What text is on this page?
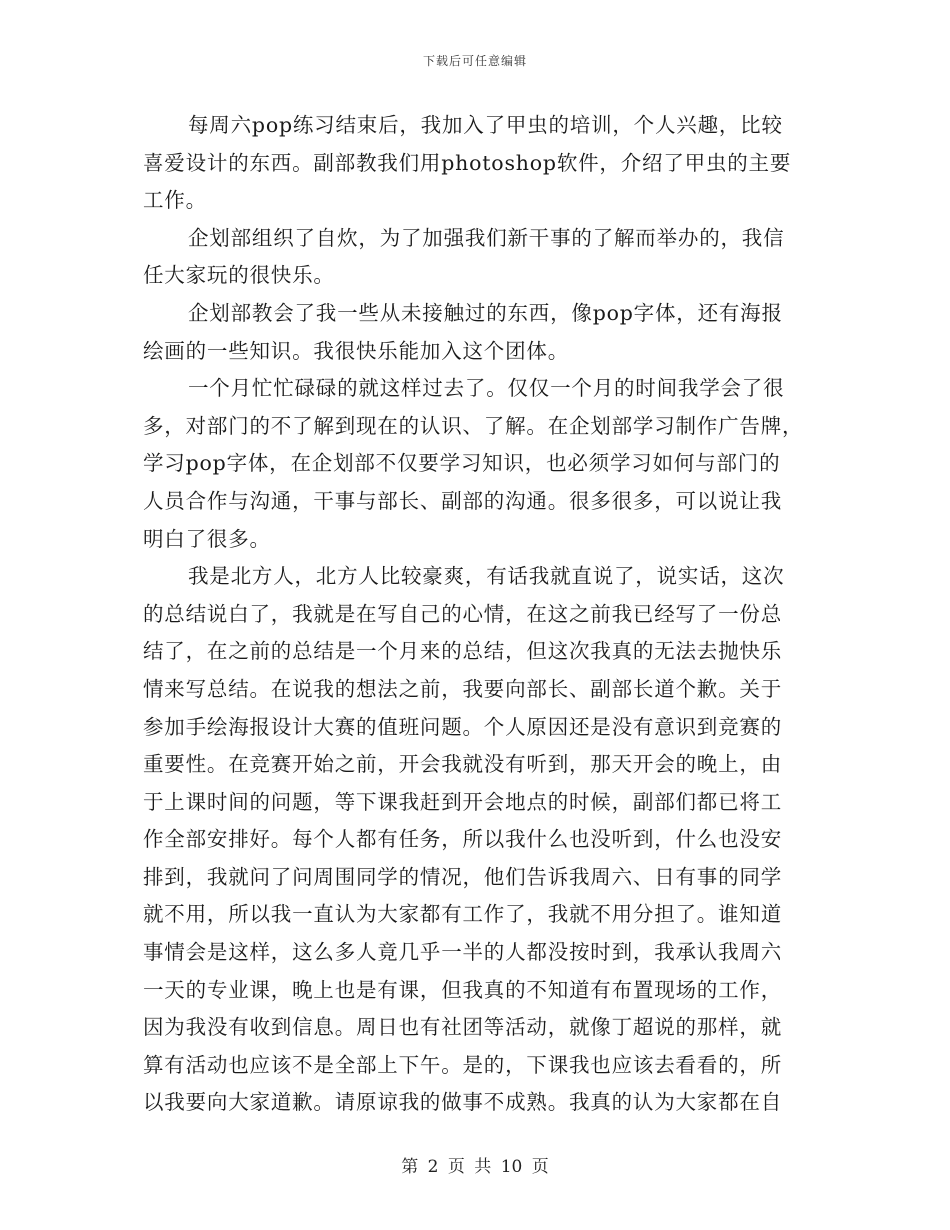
下载后可任意编辑
每周六pop练习结束后，我加入了甲虫的培训，个人兴趣，比较
喜爱设计的东西。副部教我们用photoshop软件，介绍了甲虫的主要
工作。
企划部组织了自炊，为了加强我们新干事的了解而举办的，我信
任大家玩的很快乐。
企划部教会了我一些从未接触过的东西，像pop字体，还有海报
绘画的一些知识。我很快乐能加入这个团体。
一个月忙忙碌碌的就这样过去了。仅仅一个月的时间我学会了很
多，对部门的不了解到现在的认识、了解。在企划部学习制作广告牌，
学习pop字体，在企划部不仅要学习知识，也必须学习如何与部门的
人员合作与沟通，干事与部长、副部的沟通。很多很多，可以说让我
明白了很多。
我是北方人，北方人比较豪爽，有话我就直说了，说实话，这次
的总结说白了，我就是在写自己的心情，在这之前我已经写了一份总
结了，在之前的总结是一个月来的总结，但这次我真的无法去抛快乐
情来写总结。在说我的想法之前，我要向部长、副部长道个歉。关于
参加手绘海报设计大赛的值班问题。个人原因还是没有意识到竞赛的
重要性。在竞赛开始之前，开会我就没有听到，那天开会的晚上，由
于上课时间的问题，等下课我赶到开会地点的时候，副部们都已将工
作全部安排好。每个人都有任务，所以我什么也没听到，什么也没安
排到，我就问了问周围同学的情况，他们告诉我周六、日有事的同学
就不用，所以我一直认为大家都有工作了，我就不用分担了。谁知道
事情会是这样，这么多人竟几乎一半的人都没按时到，我承认我周六
一天的专业课，晚上也是有课，但我真的不知道有布置现场的工作，
因为我没有收到信息。周日也有社团等活动，就像丁超说的那样，就
算有活动也应该不是全部上下午。是的，下课我也应该去看看的，所
以我要向大家道歉。请原谅我的做事不成熟。我真的认为大家都在自
第 2 页 共 10 页
